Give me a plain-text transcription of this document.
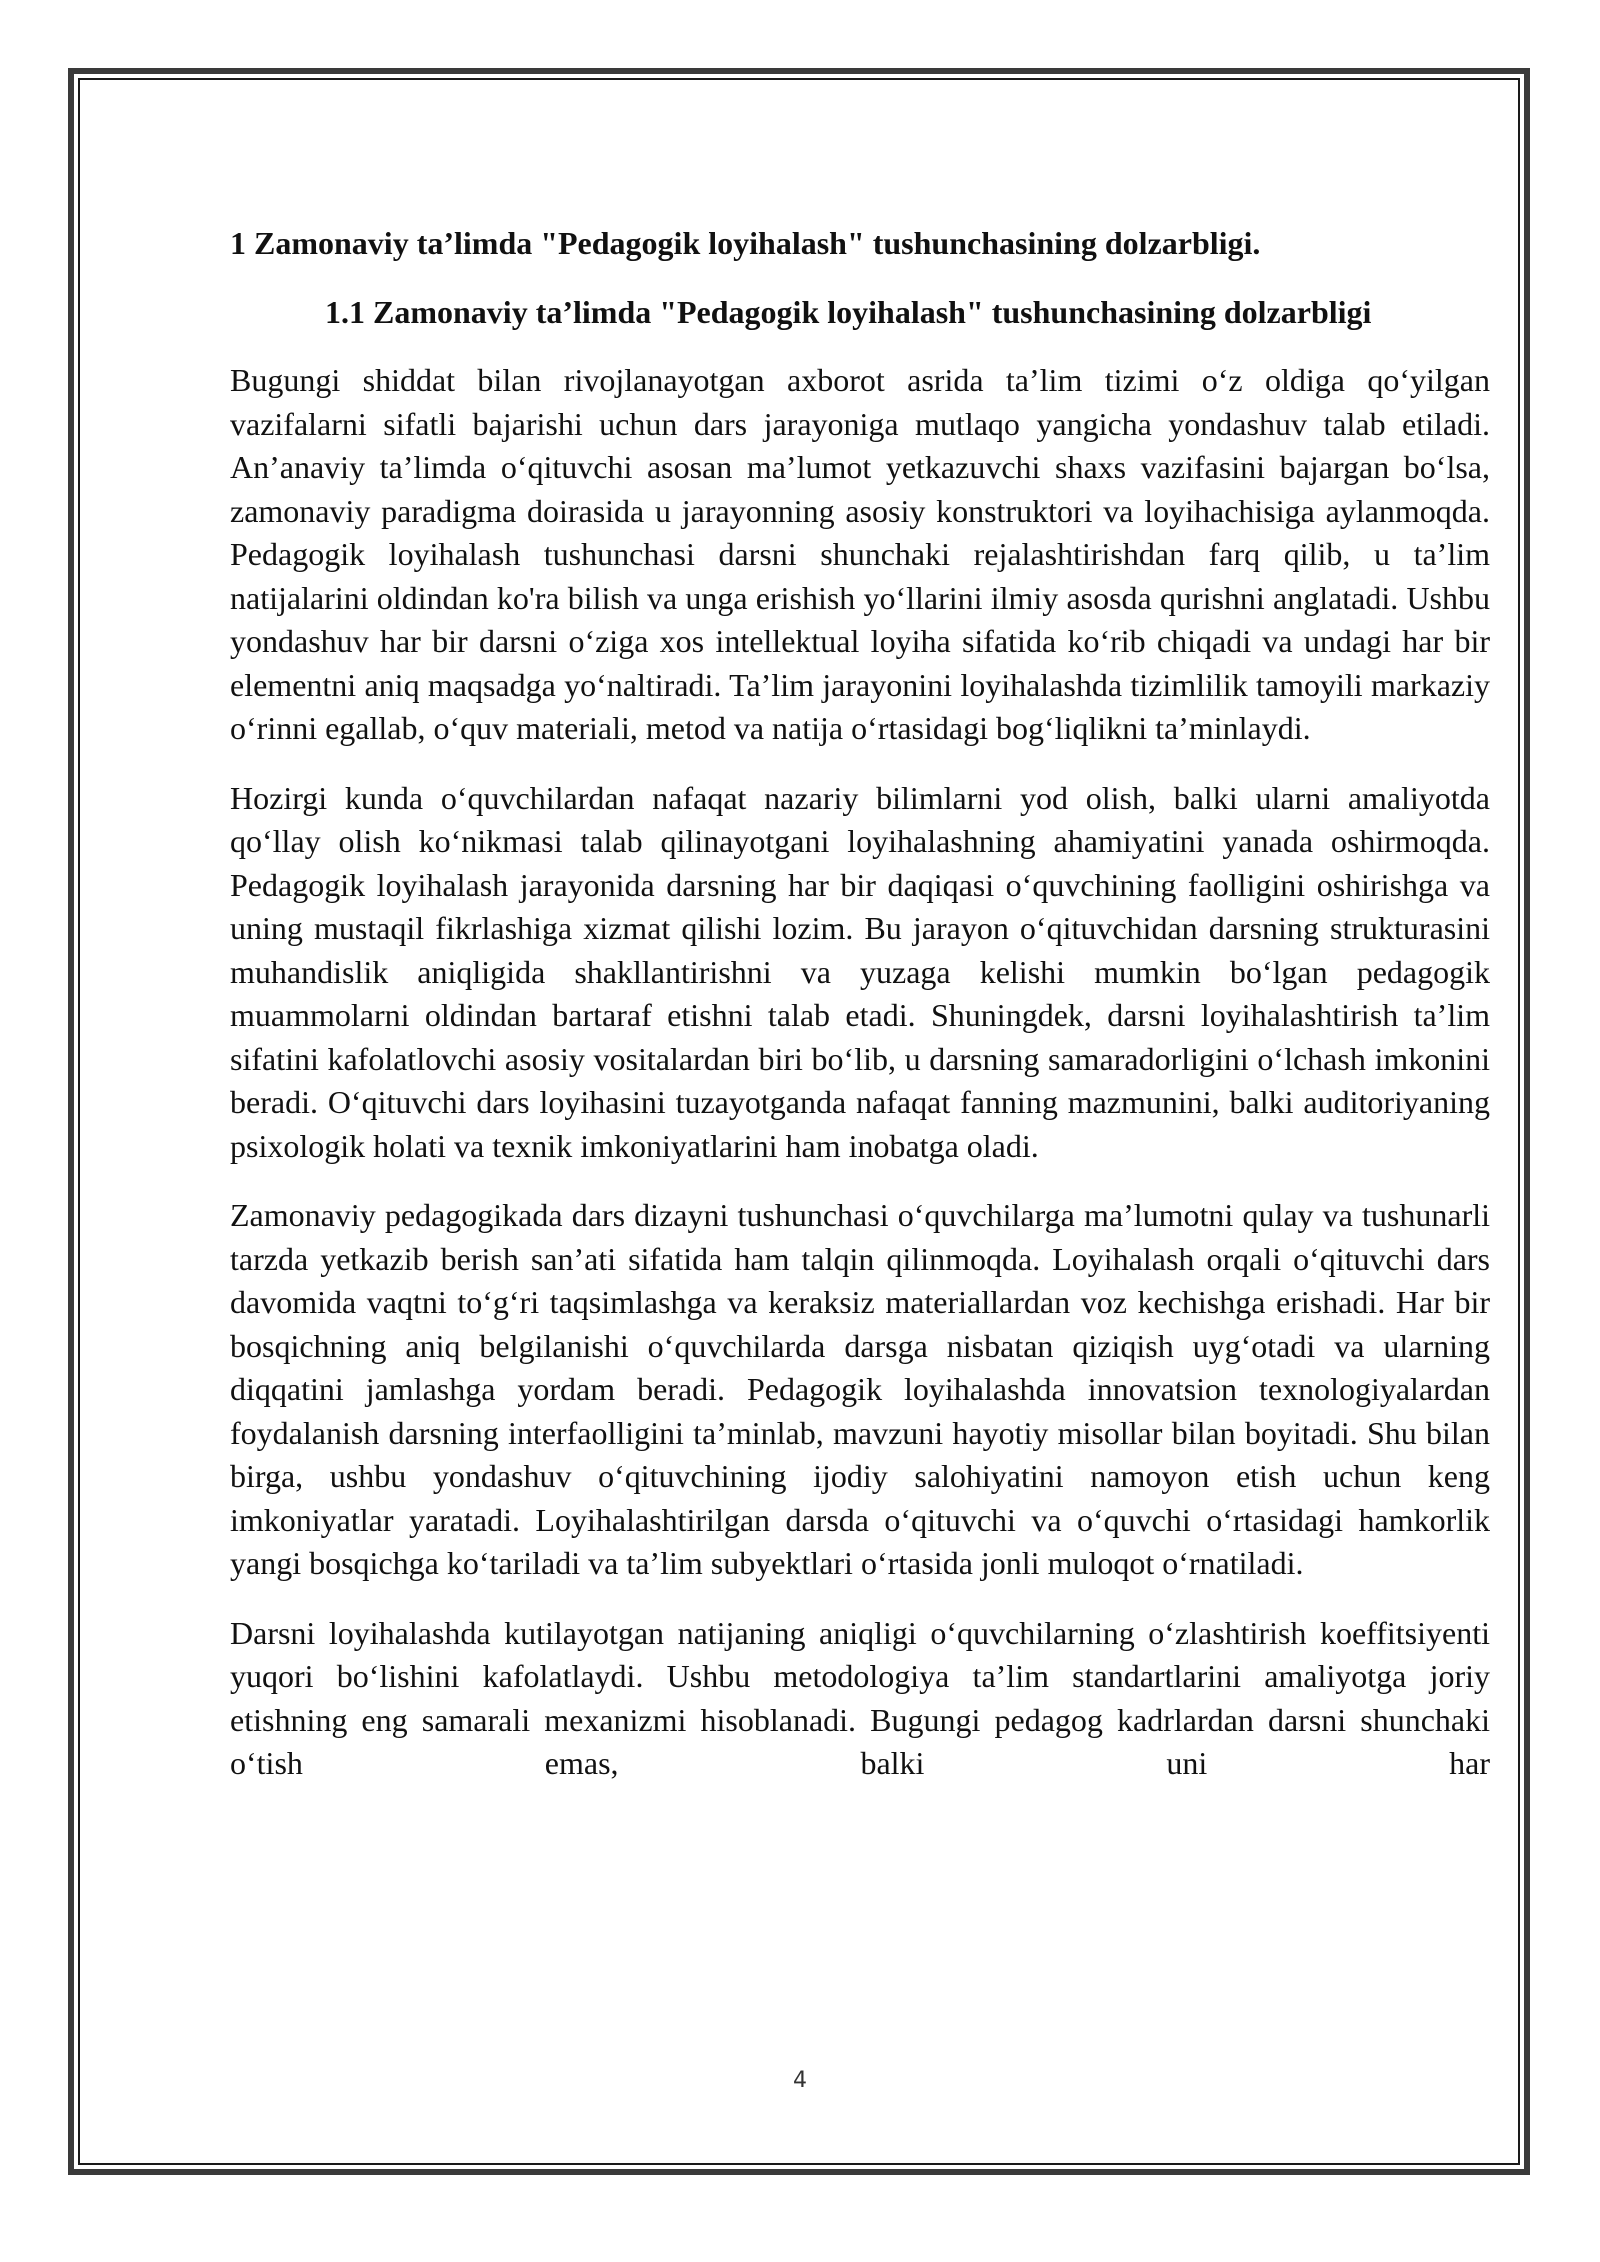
1 Zamonaviy ta’limda "Pedagogik loyihalash" tushunchasining dolzarbligi.

1.1 Zamonaviy ta’limda "Pedagogik loyihalash" tushunchasining dolzarbligi

Bugungi shiddat bilan rivojlanayotgan axborot asrida ta’lim tizimi o‘z oldiga qo‘yilgan vazifalarni sifatli bajarishi uchun dars jarayoniga mutlaqo yangicha yondashuv talab etiladi. An’anaviy ta’limda o‘qituvchi asosan ma’lumot yetkazuvchi shaxs vazifasini bajargan bo‘lsa, zamonaviy paradigma doirasida u jarayonning asosiy konstruktori va loyihachisiga aylanmoqda. Pedagogik loyihalash tushunchasi darsni shunchaki rejalashtirishdan farq qilib, u ta’lim natijalarini oldindan ko'ra bilish va unga erishish yo‘llarini ilmiy asosda qurishni anglatadi. Ushbu yondashuv har bir darsni o‘ziga xos intellektual loyiha sifatida ko‘rib chiqadi va undagi har bir elementni aniq maqsadga yo‘naltiradi. Ta’lim jarayonini loyihalashda tizimlilik tamoyili markaziy o‘rinni egallab, o‘quv materiali, metod va natija o‘rtasidagi bog‘liqlikni ta’minlaydi.

Hozirgi kunda o‘quvchilardan nafaqat nazariy bilimlarni yod olish, balki ularni amaliyotda qo‘llay olish ko‘nikmasi talab qilinayotgani loyihalashning ahamiyatini yanada oshirmoqda. Pedagogik loyihalash jarayonida darsning har bir daqiqasi o‘quvchining faolligini oshirishga va uning mustaqil fikrlashiga xizmat qilishi lozim. Bu jarayon o‘qituvchidan darsning strukturasini muhandislik aniqligida shakllantirishni va yuzaga kelishi mumkin bo‘lgan pedagogik muammolarni oldindan bartaraf etishni talab etadi. Shuningdek, darsni loyihalashtirish ta’lim sifatini kafolatlovchi asosiy vositalardan biri bo‘lib, u darsning samaradorligini o‘lchash imkonini beradi. O‘qituvchi dars loyihasini tuzayotganda nafaqat fanning mazmunini, balki auditoriyaning psixologik holati va texnik imkoniyatlarini ham inobatga oladi.

Zamonaviy pedagogikada dars dizayni tushunchasi o‘quvchilarga ma’lumotni qulay va tushunarli tarzda yetkazib berish san’ati sifatida ham talqin qilinmoqda. Loyihalash orqali o‘qituvchi dars davomida vaqtni to‘g‘ri taqsimlashga va keraksiz materiallardan voz kechishga erishadi. Har bir bosqichning aniq belgilanishi o‘quvchilarda darsga nisbatan qiziqish uyg‘otadi va ularning diqqatini jamlashga yordam beradi. Pedagogik loyihalashda innovatsion texnologiyalardan foydalanish darsning interfaolligini ta’minlab, mavzuni hayotiy misollar bilan boyitadi. Shu bilan birga, ushbu yondashuv o‘qituvchining ijodiy salohiyatini namoyon etish uchun keng imkoniyatlar yaratadi. Loyihalashtirilgan darsda o‘qituvchi va o‘quvchi o‘rtasidagi hamkorlik yangi bosqichga ko‘tariladi va ta’lim subyektlari o‘rtasida jonli muloqot o‘rnatiladi.

Darsni loyihalashda kutilayotgan natijaning aniqligi o‘quvchilarning o‘zlashtirish koeffitsiyenti yuqori bo‘lishini kafolatlaydi. Ushbu metodologiya ta’lim standartlarini amaliyotga joriy etishning eng samarali mexanizmi hisoblanadi. Bugungi pedagog kadrlardan darsni shunchaki o‘tish emas, balki uni har

4
